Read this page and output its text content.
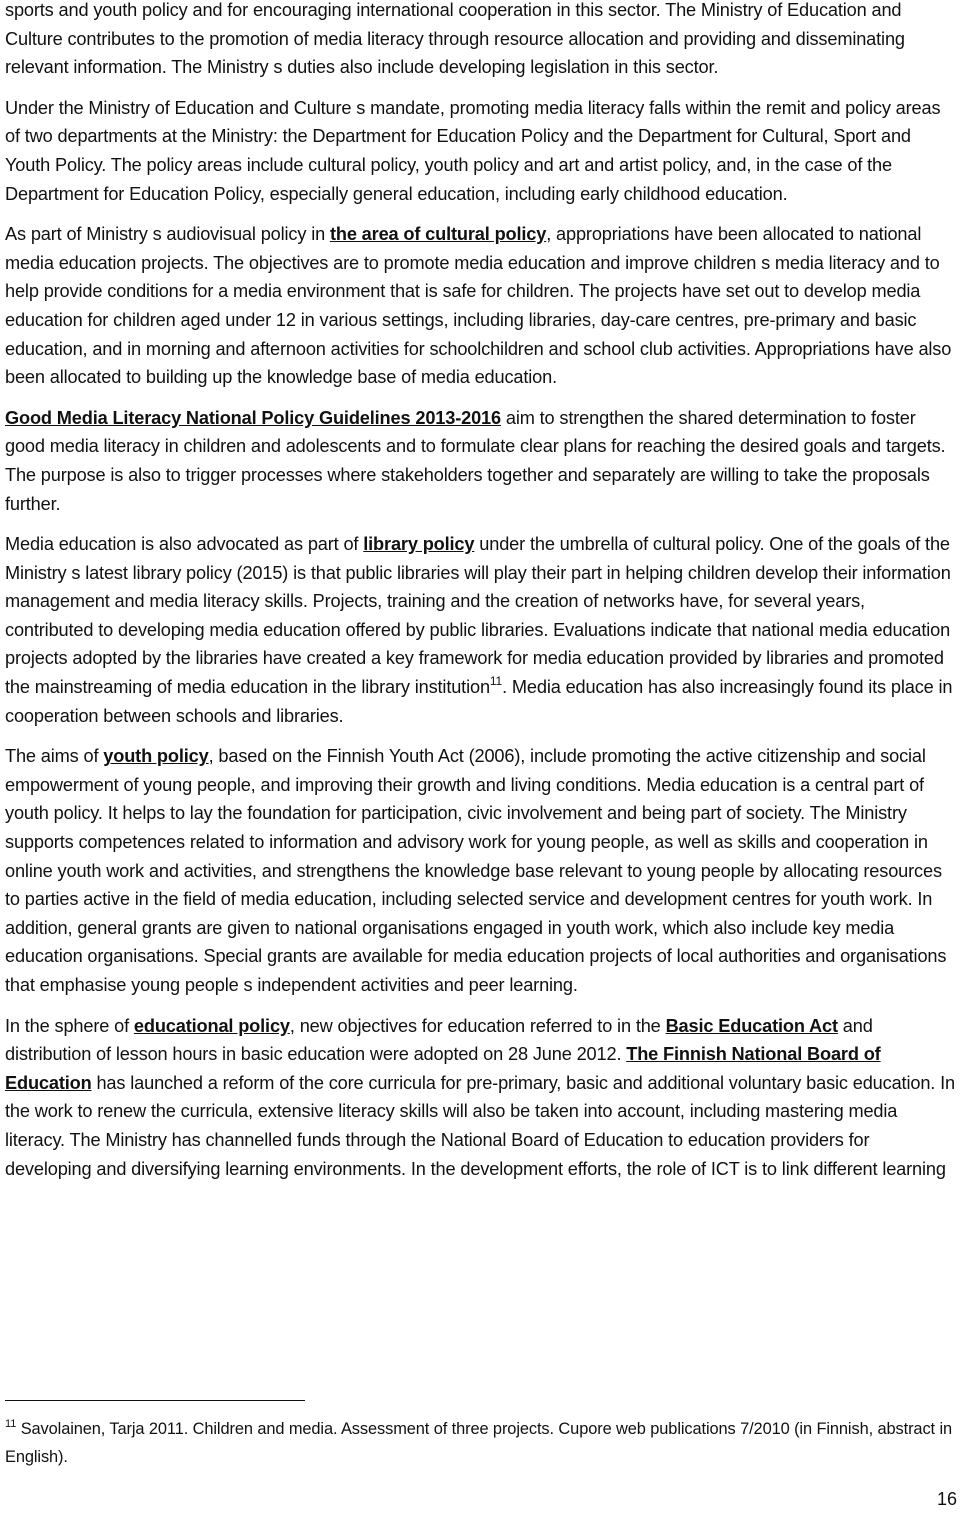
sports and youth policy and for encouraging international cooperation in this sector. The Ministry of Education and Culture contributes to the promotion of media literacy through resource allocation and providing and disseminating relevant information. The Ministry s duties also include developing legislation in this sector.

Under the Ministry of Education and Culture s mandate, promoting media literacy falls within the remit and policy areas of two departments at the Ministry: the Department for Education Policy and the Department for Cultural, Sport and Youth Policy. The policy areas include cultural policy, youth policy and art and artist policy, and, in the case of the Department for Education Policy, especially general education, including early childhood education.

As part of Ministry s audiovisual policy in the area of cultural policy, appropriations have been allocated to national media education projects. The objectives are to promote media education and improve children s media literacy and to help provide conditions for a media environment that is safe for children. The projects have set out to develop media education for children aged under 12 in various settings, including libraries, day-care centres, pre-primary and basic education, and in morning and afternoon activities for schoolchildren and school club activities. Appropriations have also been allocated to building up the knowledge base of media education.

Good Media Literacy National Policy Guidelines 2013-2016 aim to strengthen the shared determination to foster good media literacy in children and adolescents and to formulate clear plans for reaching the desired goals and targets. The purpose is also to trigger processes where stakeholders together and separately are willing to take the proposals further.

Media education is also advocated as part of library policy under the umbrella of cultural policy. One of the goals of the Ministry s latest library policy (2015) is that public libraries will play their part in helping children develop their information management and media literacy skills. Projects, training and the creation of networks have, for several years, contributed to developing media education offered by public libraries. Evaluations indicate that national media education projects adopted by the libraries have created a key framework for media education provided by libraries and promoted the mainstreaming of media education in the library institution$^{11}$. Media education has also increasingly found its place in cooperation between schools and libraries.

The aims of youth policy, based on the Finnish Youth Act (2006), include promoting the active citizenship and social empowerment of young people, and improving their growth and living conditions. Media education is a central part of youth policy. It helps to lay the foundation for participation, civic involvement and being part of society. The Ministry supports competences related to information and advisory work for young people, as well as skills and cooperation in online youth work and activities, and strengthens the knowledge base relevant to young people by allocating resources to parties active in the field of media education, including selected service and development centres for youth work. In addition, general grants are given to national organisations engaged in youth work, which also include key media education organisations. Special grants are available for media education projects of local authorities and organisations that emphasise young people s independent activities and peer learning.

In the sphere of educational policy, new objectives for education referred to in the Basic Education Act and distribution of lesson hours in basic education were adopted on 28 June 2012. The Finnish National Board of Education has launched a reform of the core curricula for pre-primary, basic and additional voluntary basic education. In the work to renew the curricula, extensive literacy skills will also be taken into account, including mastering media literacy. The Ministry has channelled funds through the National Board of Education to education providers for developing and diversifying learning environments. In the development efforts, the role of ICT is to link different learning

$^{11}$ Savolainen, Tarja 2011. Children and media. Assessment of three projects. Cupore web publications 7/2010 (in Finnish, abstract in English).
16
